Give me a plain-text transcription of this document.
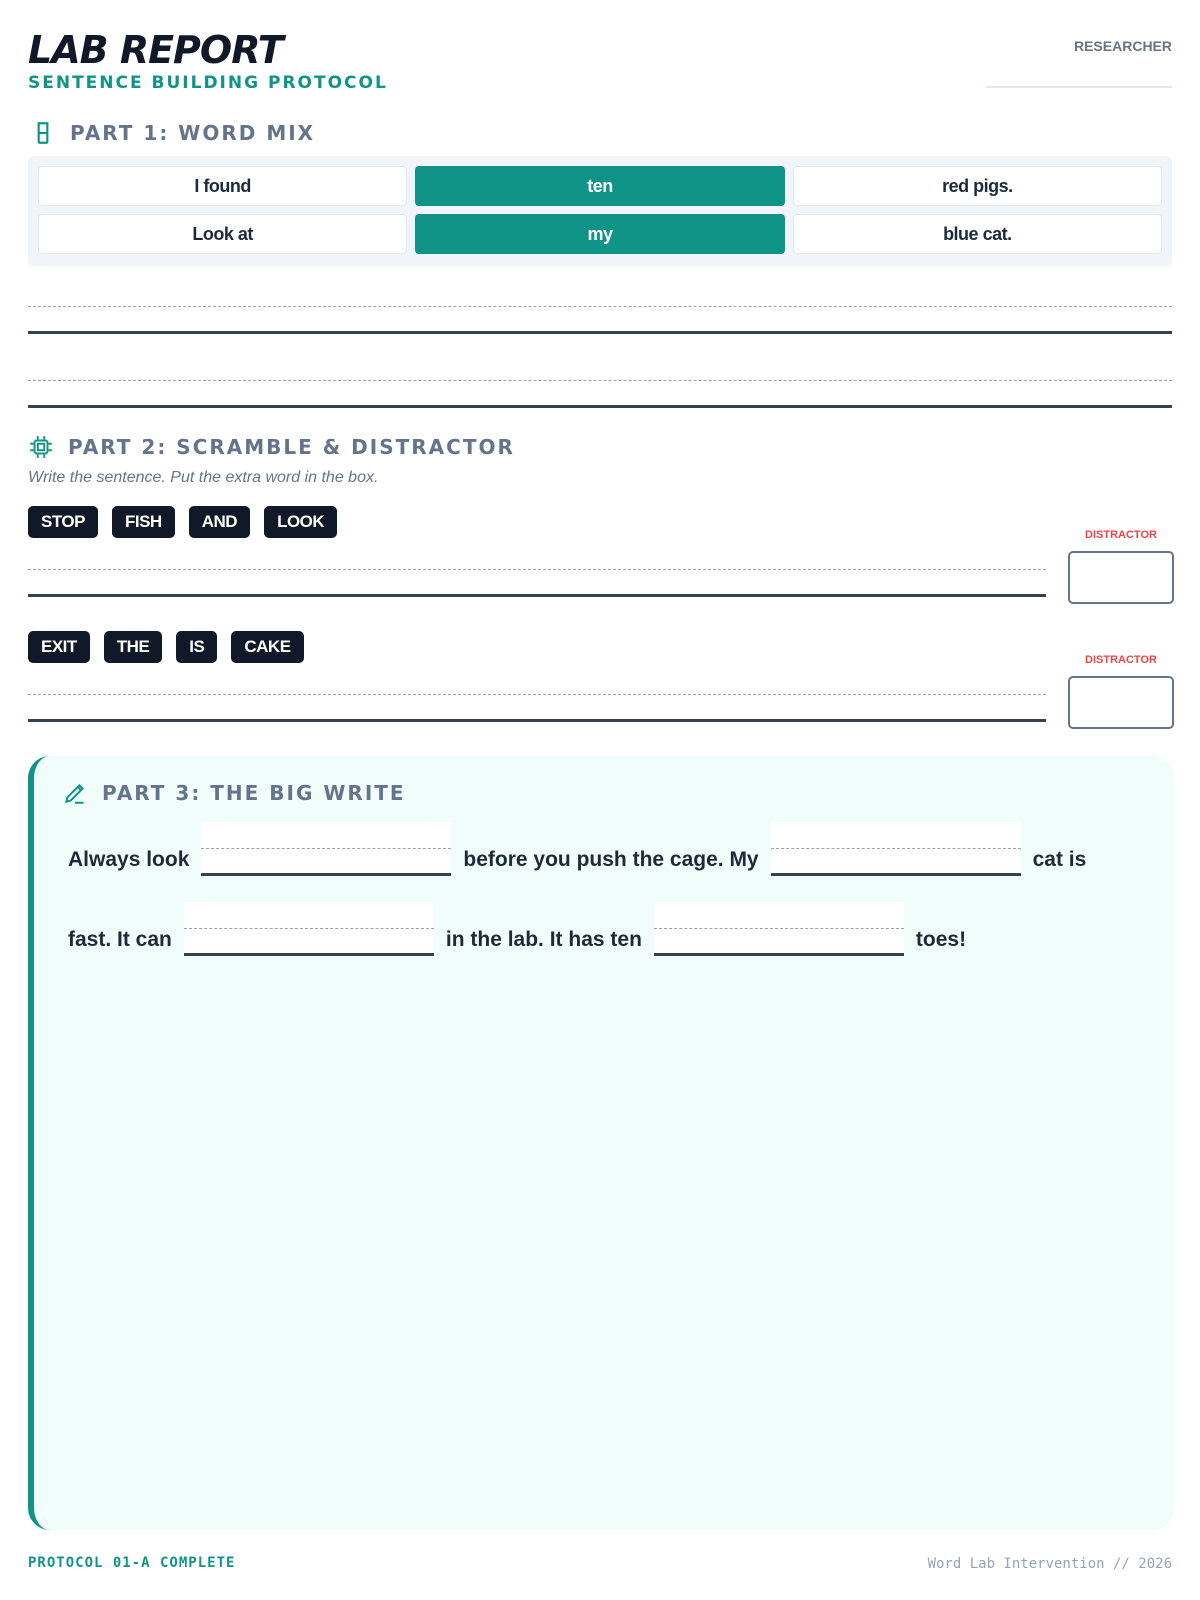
LAB REPORT
SENTENCE BUILDING PROTOCOL
RESEARCHER
PART 1: WORD MIX
I found	ten	red pigs.
Look at	my	blue cat.
PART 2: SCRAMBLE & DISTRACTOR
Write the sentence. Put the extra word in the box.
STOP	FISH	AND	LOOK
DISTRACTOR
EXIT	THE	IS	CAKE
DISTRACTOR
PART 3: THE BIG WRITE
Always look	before you push the cage. My	cat is
fast. It can	in the lab. It has ten	toes!
PROTOCOL 01-A COMPLETE	Word Lab Intervention // 2026
